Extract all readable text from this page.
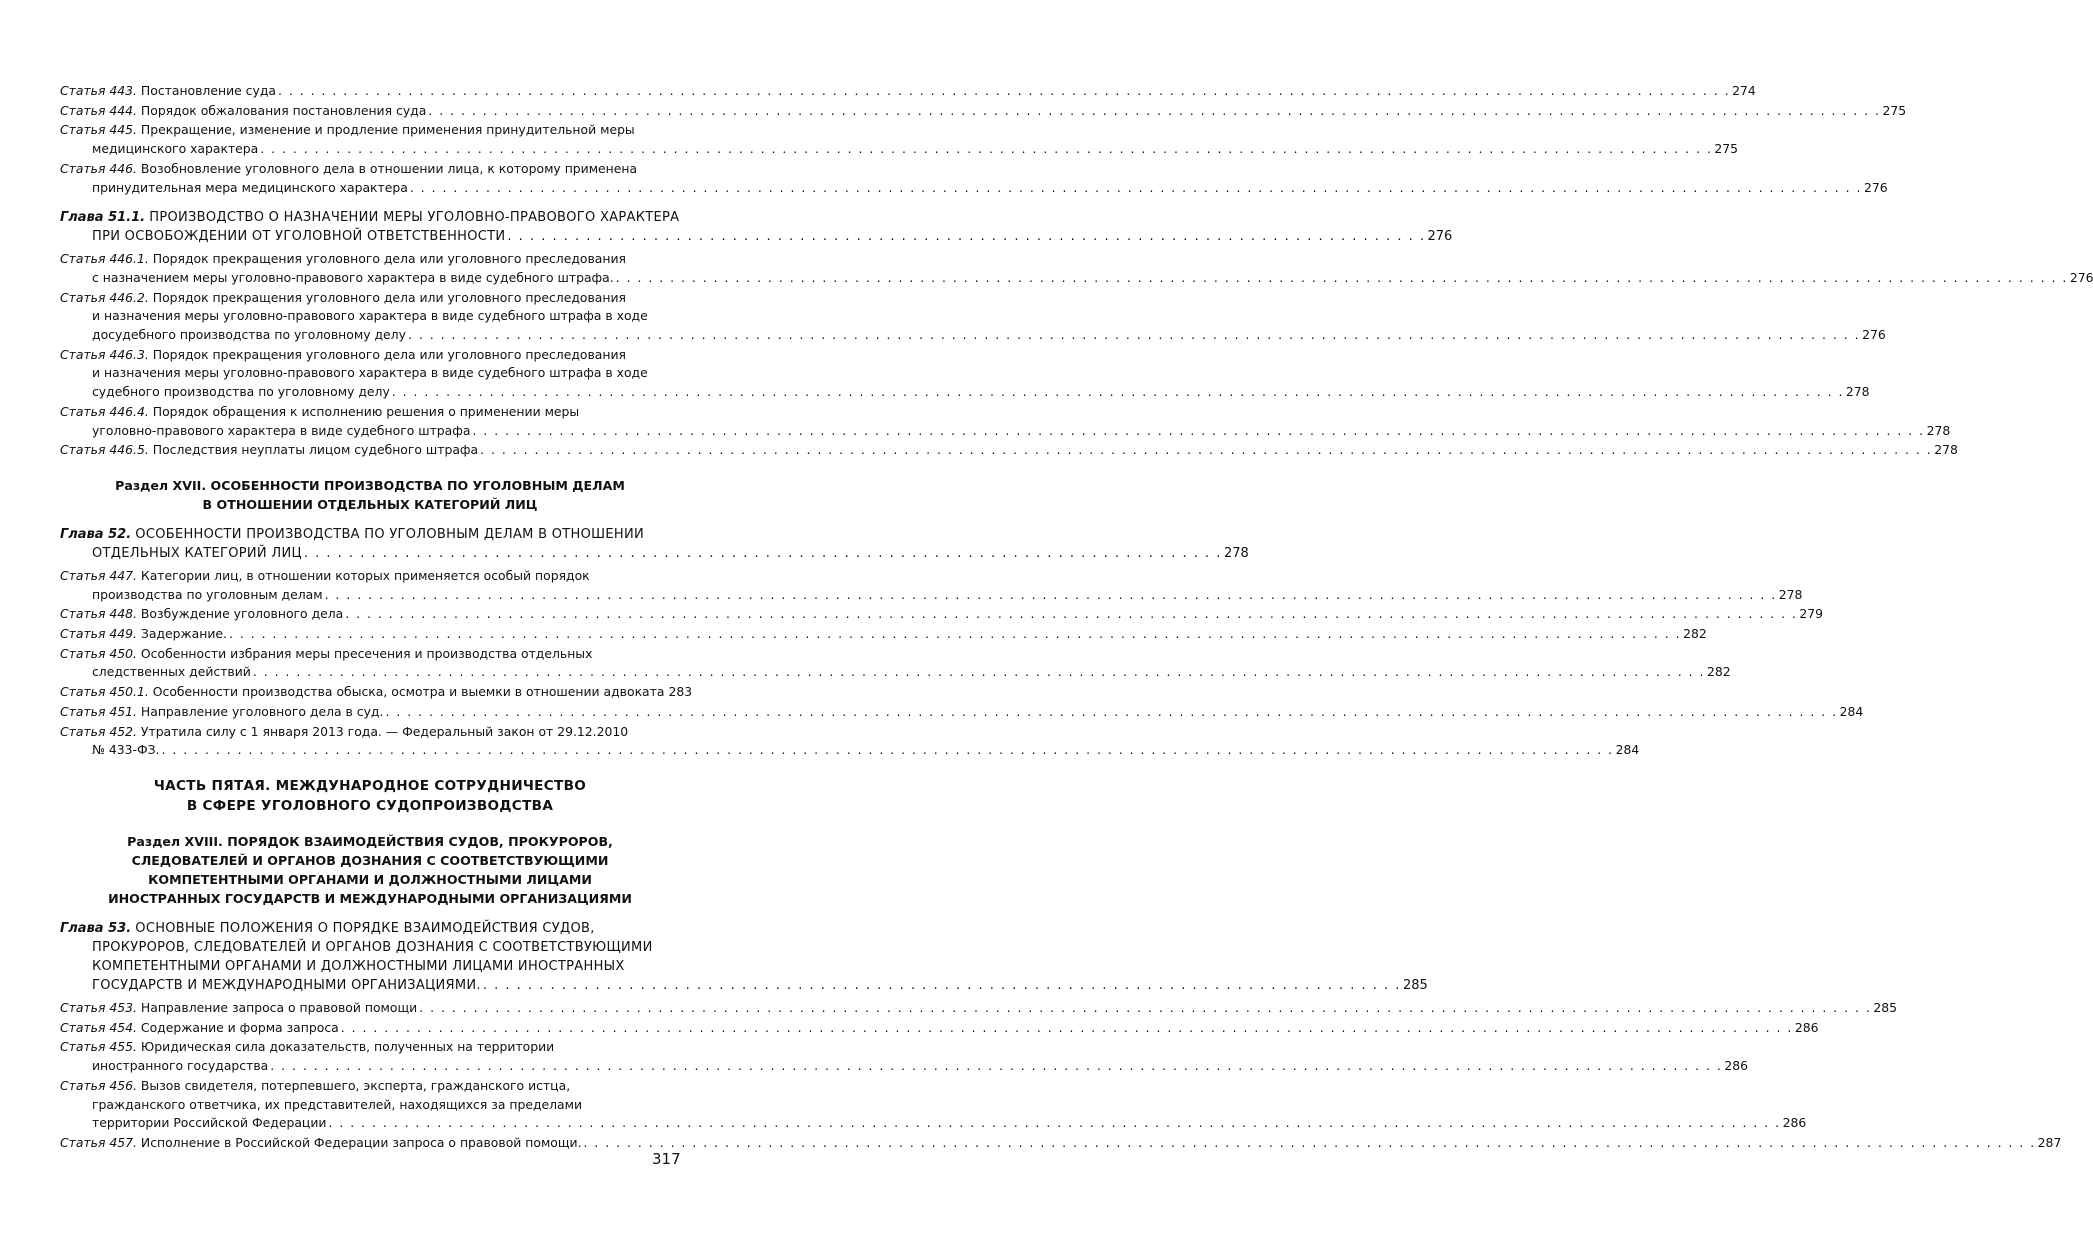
Статья 443. Постановление суда . . .	274
Статья 444. Порядок обжалования постановления суда . . .	275
Статья 445. Прекращение, изменение и продление применения принудительной меры
медицинского характера . . .	275
Статья 446. Возобновление уголовного дела в отношении лица, к которому применена
принудительная мера медицинского характера . . .	276
Глава 51.1. ПРОИЗВОДСТВО О НАЗНАЧЕНИИ МЕРЫ УГОЛОВНО-ПРАВОВОГО ХАРАКТЕРА
ПРИ ОСВОБОЖДЕНИИ ОТ УГОЛОВНОЙ ОТВЕТСТВЕННОСТИ . . .	276
Статья 446.1. Порядок прекращения уголовного дела или уголовного преследования
с назначением меры уголовно-правового характера в виде судебного штрафа. . . .	276
Статья 446.2. Порядок прекращения уголовного дела или уголовного преследования
и назначения меры уголовно-правового характера в виде судебного штрафа в ходе
досудебного производства по уголовному делу . . .	276
Статья 446.3. Порядок прекращения уголовного дела или уголовного преследования
и назначения меры уголовно-правового характера в виде судебного штрафа в ходе
судебного производства по уголовному делу . . .	278
Статья 446.4. Порядок обращения к исполнению решения о применении меры
уголовно-правового характера в виде судебного штрафа . . .	278
Статья 446.5. Последствия неуплаты лицом судебного штрафа . . .	278
Раздел XVII. ОСОБЕННОСТИ ПРОИЗВОДСТВА ПО УГОЛОВНЫМ ДЕЛАМ
В ОТНОШЕНИИ ОТДЕЛЬНЫХ КАТЕГОРИЙ ЛИЦ
Глава 52. ОСОБЕННОСТИ ПРОИЗВОДСТВА ПО УГОЛОВНЫМ ДЕЛАМ В ОТНОШЕНИИ
ОТДЕЛЬНЫХ КАТЕГОРИЙ ЛИЦ . . .	278
Статья 447. Категории лиц, в отношении которых применяется особый порядок
производства по уголовным делам . . .	278
Статья 448. Возбуждение уголовного дела . . .	279
Статья 449. Задержание. . . .	282
Статья 450. Особенности избрания меры пресечения и производства отдельных
следственных действий . . .	282
Статья 450.1. Особенности производства обыска, осмотра и выемки в отношении адвоката 283
Статья 451. Направление уголовного дела в суд. . . .	284
Статья 452. Утратила силу с 1 января 2013 года. — Федеральный закон от 29.12.2010
№ 433-ФЗ. . . .	284
ЧАСТЬ ПЯТАЯ. МЕЖДУНАРОДНОЕ СОТРУДНИЧЕСТВО
В СФЕРЕ УГОЛОВНОГО СУДОПРОИЗВОДСТВА
Раздел XVIII. ПОРЯДОК ВЗАИМОДЕЙСТВИЯ СУДОВ, ПРОКУРОРОВ,
СЛЕДОВАТЕЛЕЙ И ОРГАНОВ ДОЗНАНИЯ С СООТВЕТСТВУЮЩИМИ
КОМПЕТЕНТНЫМИ ОРГАНАМИ И ДОЛЖНОСТНЫМИ ЛИЦАМИ
ИНОСТРАННЫХ ГОСУДАРСТВ И МЕЖДУНАРОДНЫМИ ОРГАНИЗАЦИЯМИ
Глава 53. ОСНОВНЫЕ ПОЛОЖЕНИЯ О ПОРЯДКЕ ВЗАИМОДЕЙСТВИЯ СУДОВ,
ПРОКУРОРОВ, СЛЕДОВАТЕЛЕЙ И ОРГАНОВ ДОЗНАНИЯ С СООТВЕТСТВУЮЩИМИ
КОМПЕТЕНТНЫМИ ОРГАНАМИ И ДОЛЖНОСТНЫМИ ЛИЦАМИ ИНОСТРАННЫХ
ГОСУДАРСТВ И МЕЖДУНАРОДНЫМИ ОРГАНИЗАЦИЯМИ. . . .	285
Статья 453. Направление запроса о правовой помощи . . .	285
Статья 454. Содержание и форма запроса . . .	286
Статья 455. Юридическая сила доказательств, полученных на территории
иностранного государства . . .	286
Статья 456. Вызов свидетеля, потерпевшего, эксперта, гражданского истца,
гражданского ответчика, их представителей, находящихся за пределами
территории Российской Федерации . . .	286
Статья 457. Исполнение в Российской Федерации запроса о правовой помощи. . . .	287
317
